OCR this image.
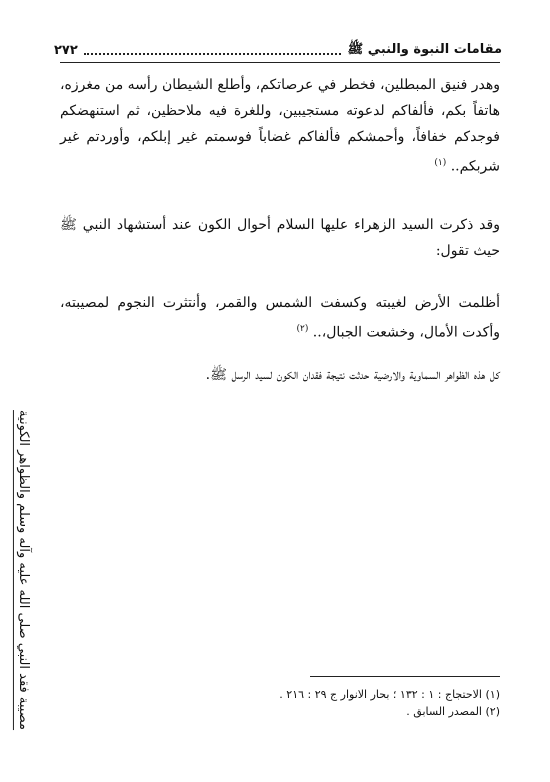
مقامات النبوة والنبي ﷺ
٢٧٢

وهدر فنيق المبطلين، فخطر في عرصاتكم، وأطلع الشيطان رأسه من مغرزه، هاتفاً بكم، فألفاكم لدعوته مستجيبين، وللغرة فيه ملاحظين، ثم استنهضكم فوجدكم خفافاً، وأحمشكم فألفاكم غضاباً فوسمتم غير إبلكم، وأوردتم غير شربكم.. $^{(١)}$

وقد ذكرت السيد الزهراء عليها السلام أحوال الكون عند أستشهاد النبي ﷺ حيث تقول:

أظلمت الأرض لغيبته وكسفت الشمس والقمر، وأنتثرت النجوم لمصيبته، وأكدت الأمال، وخشعت الجبال،.. $^{(٢)}$

كل هذه الظواهر السماوية والارضية حدثت نتيجة فقدان الكون لسيد الرسل ﷺ.

(١) الاحتجاج : ١ : ١٣٢ ؛ بحار الانوار ج ٢٩ : ٢١٦ .
(٢) المصدر السابق .
مصيبة فقد النبي صلى الله عليه وآله وسلم والظواهر الكونية
